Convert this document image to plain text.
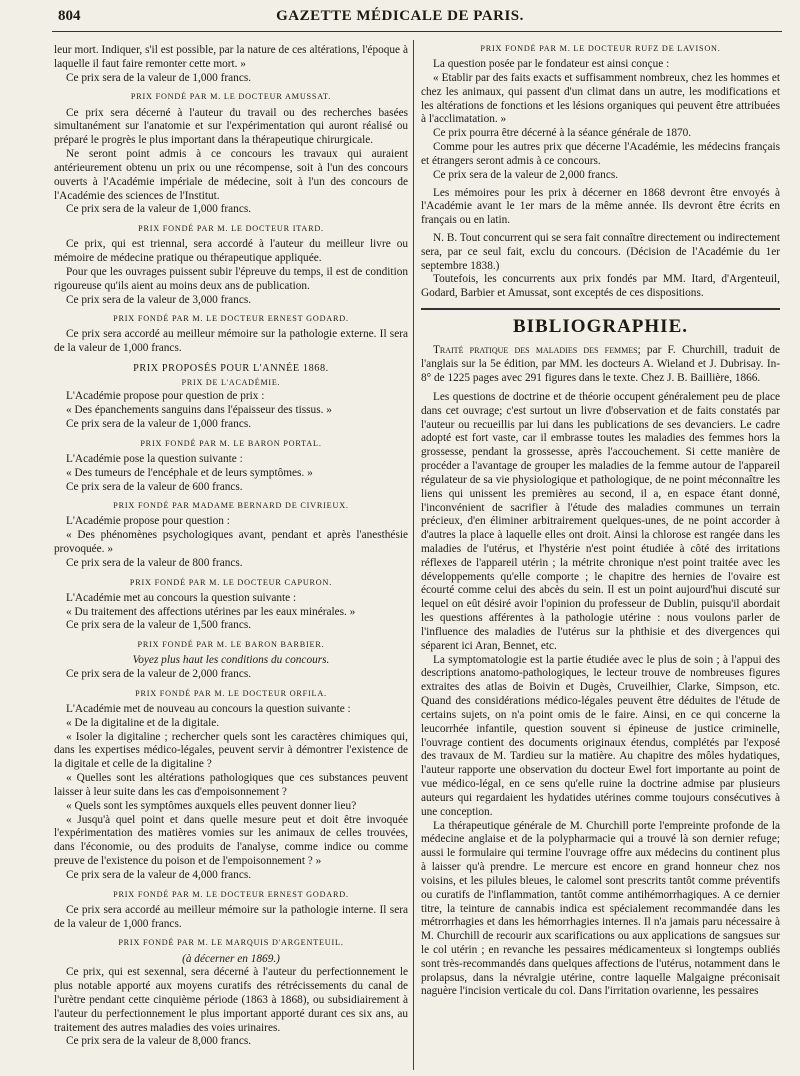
804	GAZETTE MÉDICALE DE PARIS.

leur mort. Indiquer, s'il est possible, par la nature de ces altérations, l'époque à laquelle il faut faire remonter cette mort. »

Ce prix sera de la valeur de 1,000 francs.

PRIX FONDÉ PAR M. LE DOCTEUR AMUSSAT.

Ce prix sera décerné à l'auteur du travail ou des recherches basées simultanément sur l'anatomie et sur l'expérimentation qui auront réalisé ou préparé le progrès le plus important dans la thérapeutique chirurgicale.

Ne seront point admis à ce concours les travaux qui auraient antérieurement obtenu un prix ou une récompense, soit à l'un des concours ouverts à l'Académie impériale de médecine, soit à l'un des concours de l'Académie des sciences de l'Institut.

Ce prix sera de la valeur de 1,000 francs.

PRIX FONDÉ PAR M. LE DOCTEUR ITARD.

Ce prix, qui est triennal, sera accordé à l'auteur du meilleur livre ou mémoire de médecine pratique ou thérapeutique appliquée.

Pour que les ouvrages puissent subir l'épreuve du temps, il est de condition rigoureuse qu'ils aient au moins deux ans de publication.

Ce prix sera de la valeur de 3,000 francs.

PRIX FONDÉ PAR M. LE DOCTEUR ERNEST GODARD.

Ce prix sera accordé au meilleur mémoire sur la pathologie externe. Il sera de la valeur de 1,000 francs.

PRIX PROPOSÉS POUR L'ANNÉE 1868.
PRIX DE L'ACADÉMIE.

L'Académie propose pour question de prix :

« Des épanchements sanguins dans l'épaisseur des tissus. »

Ce prix sera de la valeur de 1,000 francs.

PRIX FONDÉ PAR M. LE BARON PORTAL.

L'Académie pose la question suivante :

« Des tumeurs de l'encéphale et de leurs symptômes. »

Ce prix sera de la valeur de 600 francs.

PRIX FONDÉ PAR MADAME BERNARD DE CIVRIEUX.

L'Académie propose pour question :

« Des phénomènes psychologiques avant, pendant et après l'anesthésie provoquée. »

Ce prix sera de la valeur de 800 francs.

PRIX FONDÉ PAR M. LE DOCTEUR CAPURON.

L'Académie met au concours la question suivante :

« Du traitement des affections utérines par les eaux minérales. »

Ce prix sera de la valeur de 1,500 francs.

PRIX FONDÉ PAR M. LE BARON BARBIER.

Voyez plus haut les conditions du concours.

Ce prix sera de la valeur de 2,000 francs.

PRIX FONDÉ PAR M. LE DOCTEUR ORFILA.

L'Académie met de nouveau au concours la question suivante :

« De la digitaline et de la digitale.

« Isoler la digitaline ; rechercher quels sont les caractères chimiques qui, dans les expertises médico-légales, peuvent servir à démontrer l'existence de la digitale et celle de la digitaline ?

« Quelles sont les altérations pathologiques que ces substances peuvent laisser à leur suite dans les cas d'empoisonnement ?

« Quels sont les symptômes auxquels elles peuvent donner lieu?

« Jusqu'à quel point et dans quelle mesure peut et doit être invoquée l'expérimentation des matières vomies sur les animaux de celles trouvées, dans l'économie, ou des produits de l'analyse, comme indice ou comme preuve de l'existence du poison et de l'empoisonnement ? »

Ce prix sera de la valeur de 4,000 francs.

PRIX FONDÉ PAR M. LE DOCTEUR ERNEST GODARD.

Ce prix sera accordé au meilleur mémoire sur la pathologie interne. Il sera de la valeur de 1,000 francs.

PRIX FONDÉ PAR M. LE MARQUIS D'ARGENTEUIL.

(à décerner en 1869.)

Ce prix, qui est sexennal, sera décerné à l'auteur du perfectionnement le plus notable apporté aux moyens curatifs des rétrécissements du canal de l'urètre pendant cette cinquième période (1863 à 1868), ou subsidiairement à l'auteur du perfectionnement le plus important apporté durant ces six ans, au traitement des autres maladies des voies urinaires.

Ce prix sera de la valeur de 8,000 francs.

PRIX FONDÉ PAR M. LE DOCTEUR RUFZ DE LAVISON.

La question posée par le fondateur est ainsi conçue :

« Etablir par des faits exacts et suffisamment nombreux, chez les hommes et chez les animaux, qui passent d'un climat dans un autre, les modifications et les altérations de fonctions et les lésions organiques qui peuvent être attribuées à l'acclimatation. »

Ce prix pourra être décerné à la séance générale de 1870.

Comme pour les autres prix que décerne l'Académie, les médecins français et étrangers seront admis à ce concours.

Ce prix sera de la valeur de 2,000 francs.

Les mémoires pour les prix à décerner en 1868 devront être envoyés à l'Académie avant le 1er mars de la même année. Ils devront être écrits en français ou en latin.

N. B. Tout concurrent qui se sera fait connaître directement ou indirectement sera, par ce seul fait, exclu du concours. (Décision de l'Académie du 1er septembre 1838.)

Toutefois, les concurrents aux prix fondés par MM. Itard, d'Argenteuil, Godard, Barbier et Amussat, sont exceptés de ces dispositions.

BIBLIOGRAPHIE.

Traité pratique des maladies des femmes; par F. Churchill, traduit de l'anglais sur la 5e édition, par MM. les docteurs A. Wieland et J. Dubrisay. In-8° de 1225 pages avec 291 figures dans le texte. Chez J. B. Baillière, 1866.

Les questions de doctrine et de théorie occupent généralement peu de place dans cet ouvrage; c'est surtout un livre d'observation et de faits constatés par l'auteur ou recueillis par lui dans les publications de ses devanciers. Le cadre adopté est fort vaste, car il embrasse toutes les maladies des femmes hors la grossesse, pendant la grossesse, après l'accouchement. Si cette manière de procéder a l'avantage de grouper les maladies de la femme autour de l'appareil régulateur de sa vie physiologique et pathologique, de ne point méconnaître les liens qui unissent les premières au second, il a, en espace étant donné, l'inconvénient de sacrifier à l'étude des maladies communes un terrain précieux, d'en éliminer arbitrairement quelques-unes, de ne point accorder à d'autres la place à laquelle elles ont droit. Ainsi la chlorose est rangée dans les maladies de l'utérus, et l'hystérie n'est point étudiée à côté des irritations réflexes de l'appareil utérin ; la métrite chronique n'est point traitée avec les développements qu'elle comporte ; le chapitre des hernies de l'ovaire est écourté comme celui des abcès du sein. Il est un point aujourd'hui discuté sur lequel on eût désiré avoir l'opinion du professeur de Dublin, puisqu'il abordait les questions afférentes à la pathologie utérine : nous voulons parler de l'influence des maladies de l'utérus sur la phthisie et des divergences qui séparent ici Aran, Bennet, etc.

La symptomatologie est la partie étudiée avec le plus de soin ; à l'appui des descriptions anatomo-pathologiques, le lecteur trouve de nombreuses figures extraites des atlas de Boivin et Dugès, Cruveilhier, Clarke, Simpson, etc. Quand des considérations médico-légales peuvent être déduites de l'étude de certains sujets, on n'a point omis de le faire. Ainsi, en ce qui concerne la leucorrhée infantile, question souvent si épineuse de justice criminelle, l'ouvrage contient des documents originaux étendus, complétés par l'exposé des travaux de M. Tardieu sur la matière. Au chapitre des môles hydatiques, l'auteur rapporte une observation du docteur Ewel fort importante au point de vue médico-légal, en ce sens qu'elle ruine la doctrine admise par plusieurs auteurs qui regardaient les hydatides utérines comme toujours consécutives à une conception.

La thérapeutique générale de M. Churchill porte l'empreinte profonde de la médecine anglaise et de la polypharmacie qui a trouvé là son dernier refuge; aussi le formulaire qui termine l'ouvrage offre aux médecins du continent plus à laisser qu'à prendre. Le mercure est encore en grand honneur chez nos voisins, et les pilules bleues, le calomel sont prescrits tantôt comme préventifs ou curatifs de l'inflammation, tantôt comme antihémorrhagiques. A ce dernier titre, la teinture de cannabis indica est spécialement recommandée dans les métrorrhagies et dans les hémorrhagies internes. Il n'a jamais paru nécessaire à M. Churchill de recourir aux scarifications ou aux applications de sangsues sur le col utérin ; en revanche les pessaires médicamenteux si longtemps oubliés sont très-recommandés dans quelques affections de l'utérus, notamment dans le prolapsus, dans la névralgie utérine, contre laquelle Malgaigne préconisait naguère l'incision verticale du col. Dans l'irritation ovarienne, les pessaires
